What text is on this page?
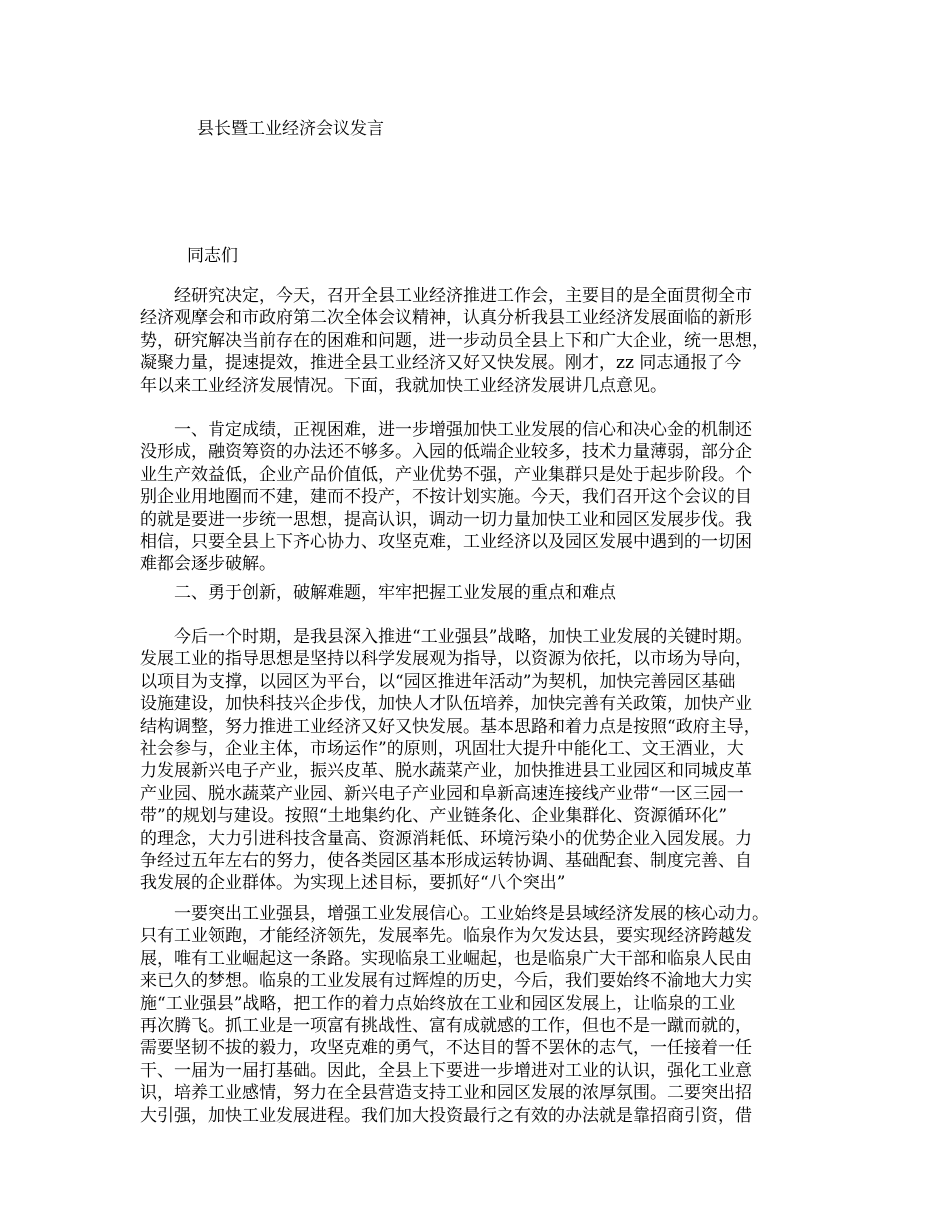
县长暨工业经济会议发言
同志们
　　经研究决定，今天，召开全县工业经济推进工作会，主要目的是全面贯彻全市
经济观摩会和市政府第二次全体会议精神，认真分析我县工业经济发展面临的新形
势，研究解决当前存在的困难和问题，进一步动员全县上下和广大企业，统一思想，
凝聚力量，提速提效，推进全县工业经济又好又快发展。刚才，zz 同志通报了今
年以来工业经济发展情况。下面，我就加快工业经济发展讲几点意见。
　　一、肯定成绩，正视困难，进一步增强加快工业发展的信心和决心金的机制还
没形成，融资筹资的办法还不够多。入园的低端企业较多，技术力量薄弱，部分企
业生产效益低，企业产品价值低，产业优势不强，产业集群只是处于起步阶段。个
别企业用地圈而不建，建而不投产，不按计划实施。今天，我们召开这个会议的目
的就是要进一步统一思想，提高认识，调动一切力量加快工业和园区发展步伐。我
相信，只要全县上下齐心协力、攻坚克难，工业经济以及园区发展中遇到的一切困
难都会逐步破解。
　　二、勇于创新，破解难题，牢牢把握工业发展的重点和难点
　　今后一个时期，是我县深入推进“工业强县”战略，加快工业发展的关键时期。
发展工业的指导思想是坚持以科学发展观为指导，以资源为依托，以市场为导向，
以项目为支撑，以园区为平台，以“园区推进年活动”为契机，加快完善园区基础
设施建设，加快科技兴企步伐，加快人才队伍培养，加快完善有关政策，加快产业
结构调整，努力推进工业经济又好又快发展。基本思路和着力点是按照“政府主导，
社会参与，企业主体，市场运作”的原则，巩固壮大提升中能化工、文王酒业，大
力发展新兴电子产业，振兴皮革、脱水蔬菜产业，加快推进县工业园区和同城皮革
产业园、脱水蔬菜产业园、新兴电子产业园和阜新高速连接线产业带“一区三园一
带”的规划与建设。按照“土地集约化、产业链条化、企业集群化、资源循环化”
的理念，大力引进科技含量高、资源消耗低、环境污染小的优势企业入园发展。力
争经过五年左右的努力，使各类园区基本形成运转协调、基础配套、制度完善、自
我发展的企业群体。为实现上述目标，要抓好“八个突出”
　　一要突出工业强县，增强工业发展信心。工业始终是县域经济发展的核心动力。
只有工业领跑，才能经济领先，发展率先。临泉作为欠发达县，要实现经济跨越发
展，唯有工业崛起这一条路。实现临泉工业崛起，也是临泉广大干部和临泉人民由
来已久的梦想。临泉的工业发展有过辉煌的历史，今后，我们要始终不渝地大力实
施“工业强县”战略，把工作的着力点始终放在工业和园区发展上，让临泉的工业
再次腾飞。抓工业是一项富有挑战性、富有成就感的工作，但也不是一蹴而就的，
需要坚韧不拔的毅力，攻坚克难的勇气，不达目的誓不罢休的志气，一任接着一任
干、一届为一届打基础。因此，全县上下要进一步增进对工业的认识，强化工业意
识，培养工业感情，努力在全县营造支持工业和园区发展的浓厚氛围。二要突出招
大引强，加快工业发展进程。我们加大投资最行之有效的办法就是靠招商引资，借
